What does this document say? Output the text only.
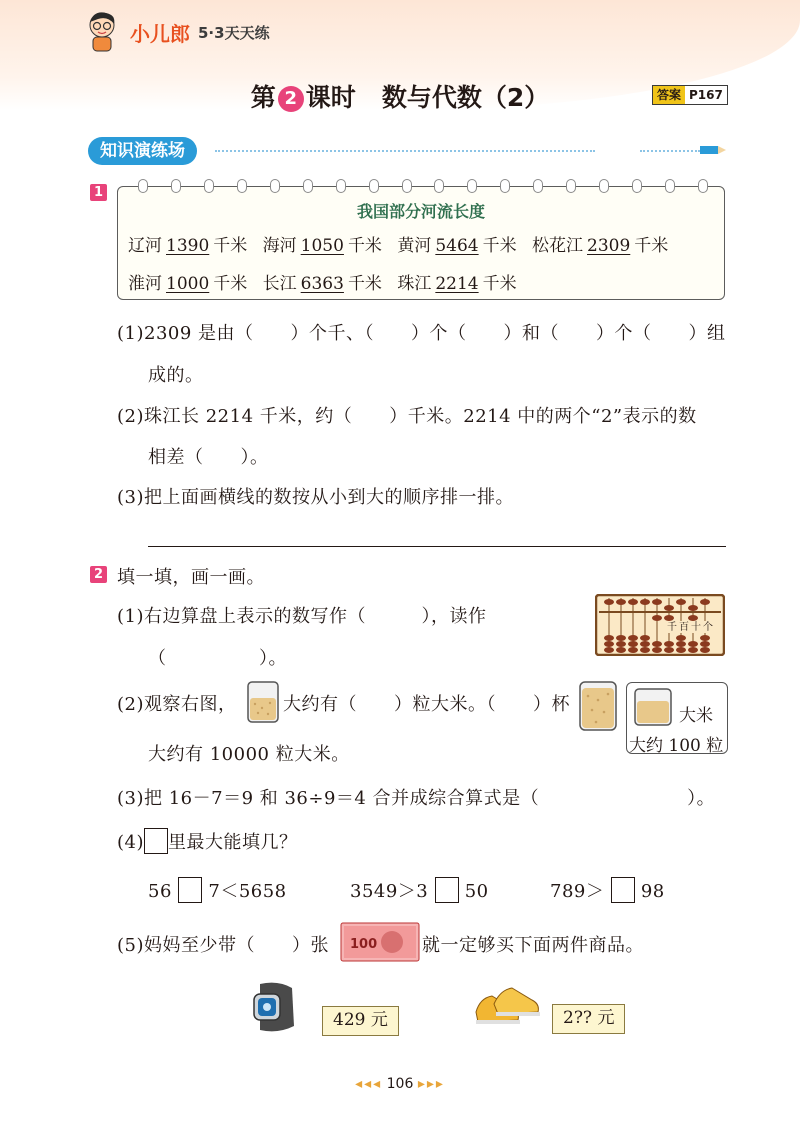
小儿郎 5·3天天练
第 2 课时 数与代数（2）	答案 P167
知识演练场
1
我国部分河流长度
辽河 1390 千米 海河 1050 千米 黄河 5464 千米 松花江 2309 千米
淮河 1000 千米 长江 6363 千米 珠江 2214 千米
(1)2309 是由（　　）个千、（　　）个（　　）和（　　）个（　　）组
成的。
(2)珠江长 2214 千米，约（　　）千米。2214 中的两个“2”表示的数
相差（　　）。
(3)把上面画横线的数按从小到大的顺序排一排。
2 填一填，画一画。
(1)右边算盘上表示的数写作（　　　），读作
（　　　　　）。
千 百 十 个
(2)观察右图，	大约有（　　）粒大米。（　　）杯
大米
大约 100 粒
大约有 10000 粒大米。
(3)把 16－7＝9 和 36÷9＝4 合并成综合算式是（　　　　　　　　）。
(4) 里最大能填几？
56 7＜5658	3549＞3 50	789＞ 98
(5)妈妈至少带（　　）张 100 就一定够买下面两件商品。
429 元	2?? 元
◂◂◂ 106 ▸▸▸
